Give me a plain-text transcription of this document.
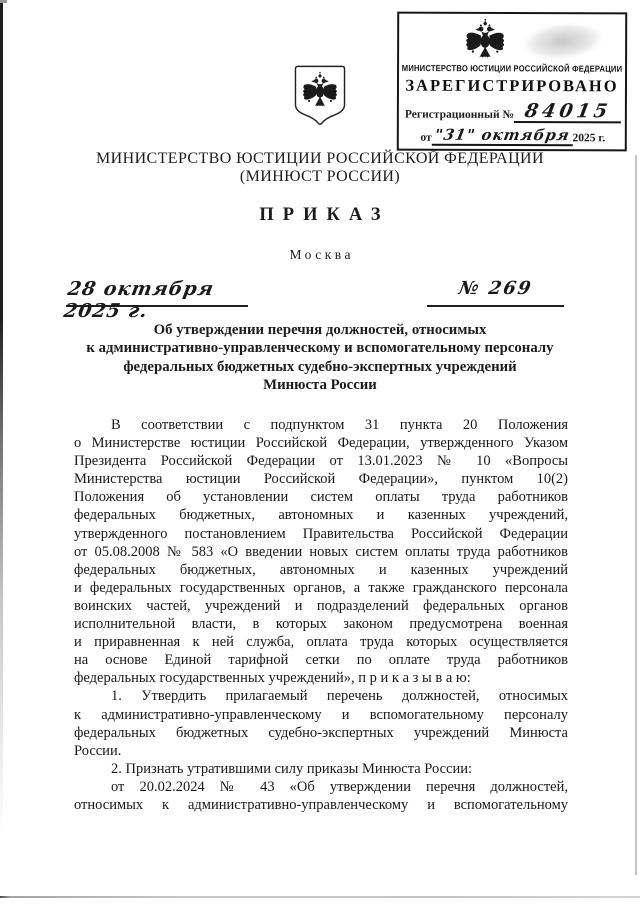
МИНИСТЕРСТВО ЮСТИЦИИ РОССИЙСКОЙ ФЕДЕРАЦИИ
ЗАРЕГИСТРИРОВАНО
Регистрационный № 84015
от "31" октября 2025 г.
МИНИСТЕРСТВО ЮСТИЦИИ РОССИЙСКОЙ ФЕДЕРАЦИИ
(МИНЮСТ РОССИИ)
ПРИКАЗ
Москва
28 октября 2025 г.
№ 269
Об утверждении перечня должностей, относимых
к административно-управленческому и вспомогательному персоналу
федеральных бюджетных судебно-экспертных учреждений
Минюста России
В соответствии с подпунктом 31 пункта 20 Положения
о Министерстве юстиции Российской Федерации, утвержденного Указом
Президента Российской Федерации от 13.01.2023 № 10 «Вопросы
Министерства юстиции Российской Федерации», пунктом 10(2)
Положения об установлении систем оплаты труда работников
федеральных бюджетных, автономных и казенных учреждений,
утвержденного постановлением Правительства Российской Федерации
от 05.08.2008 № 583 «О введении новых систем оплаты труда работников
федеральных бюджетных, автономных и казенных учреждений
и федеральных государственных органов, а также гражданского персонала
воинских частей, учреждений и подразделений федеральных органов
исполнительной власти, в которых законом предусмотрена военная
и приравненная к ней служба, оплата труда которых осуществляется
на основе Единой тарифной сетки по оплате труда работников
федеральных государственных учреждений», п р и к а з ы в а ю:
1. Утвердить прилагаемый перечень должностей, относимых
к административно-управленческому и вспомогательному персоналу
федеральных бюджетных судебно-экспертных учреждений Минюста
России.
2. Признать утратившими силу приказы Минюста России:
от 20.02.2024 № 43 «Об утверждении перечня должностей,
относимых к административно-управленческому и вспомогательному
